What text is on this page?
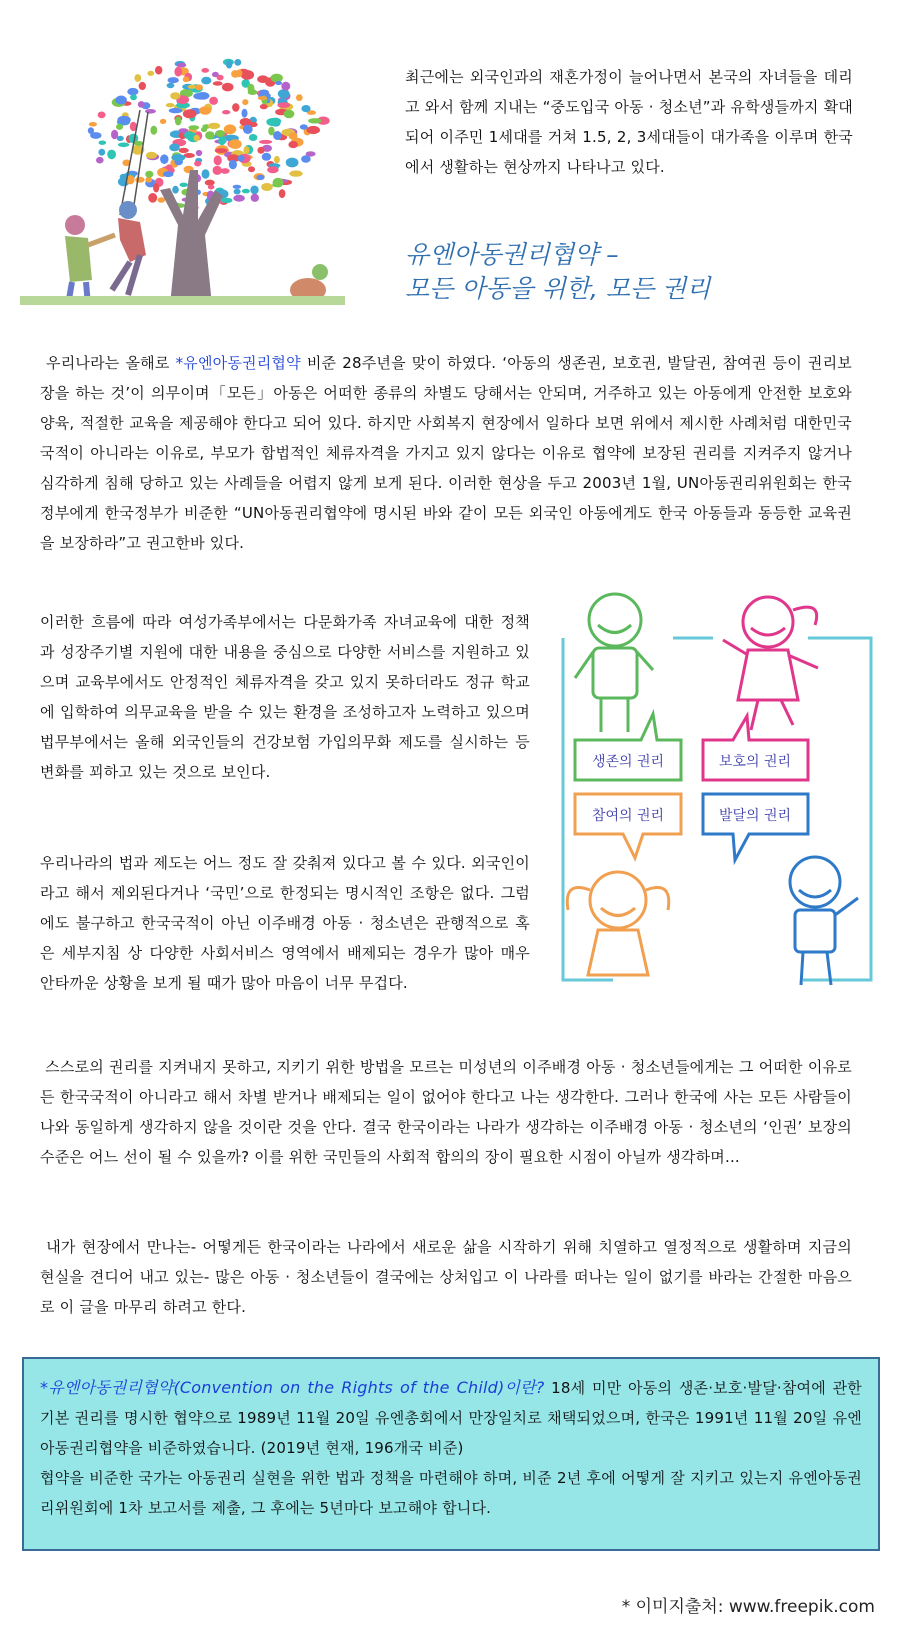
최근에는 외국인과의 재혼가정이 늘어나면서 본국의 자녀들을 데리고 와서 함께 지내는 “중도입국 아동 · 청소년”과 유학생들까지 확대되어 이주민 1세대를 거쳐 1.5, 2, 3세대들이 대가족을 이루며 한국에서 생활하는 현상까지 나타나고 있다.
유엔아동권리협약 –
모든 아동을 위한, 모든 권리
우리나라는 올해로 *유엔아동권리협약 비준 28주년을 맞이 하였다. ‘아동의 생존권, 보호권, 발달권, 참여권 등이 권리보장을 하는 것’이 의무이며「모든」아동은 어떠한 종류의 차별도 당해서는 안되며, 거주하고 있는 아동에게 안전한 보호와 양육, 적절한 교육을 제공해야 한다고 되어 있다. 하지만 사회복지 현장에서 일하다 보면 위에서 제시한 사례처럼 대한민국 국적이 아니라는 이유로, 부모가 합법적인 체류자격을 가지고 있지 않다는 이유로 협약에 보장된 권리를 지켜주지 않거나 심각하게 침해 당하고 있는 사례들을 어렵지 않게 보게 된다. 이러한 현상을 두고 2003년 1월, UN아동권리위원회는 한국정부에게 한국정부가 비준한 “UN아동권리협약에 명시된 바와 같이 모든 외국인 아동에게도 한국 아동들과 동등한 교육권을 보장하라”고 권고한바 있다.
이러한 흐름에 따라 여성가족부에서는 다문화가족 자녀교육에 대한 정책과 성장주기별 지원에 대한 내용을 중심으로 다양한 서비스를 지원하고 있으며 교육부에서도 안정적인 체류자격을 갖고 있지 못하더라도 정규 학교에 입학하여 의무교육을 받을 수 있는 환경을 조성하고자 노력하고 있으며 법무부에서는 올해 외국인들의 건강보험 가입의무화 제도를 실시하는 등 변화를 꾀하고 있는 것으로 보인다.
우리나라의 법과 제도는 어느 정도 잘 갖춰져 있다고 볼 수 있다. 외국인이라고 해서 제외된다거나 ‘국민’으로 한정되는 명시적인 조항은 없다. 그럼에도 불구하고 한국국적이 아닌 이주배경 아동 · 청소년은 관행적으로 혹은 세부지침 상 다양한 사회서비스 영역에서 배제되는 경우가 많아 매우 안타까운 상황을 보게 될 때가 많아 마음이 너무 무겁다.
생존의 권리	보호의 권리
참여의 권리	발달의 권리
스스로의 권리를 지켜내지 못하고, 지키기 위한 방법을 모르는 미성년의 이주배경 아동 · 청소년들에게는 그 어떠한 이유로든 한국국적이 아니라고 해서 차별 받거나 배제되는 일이 없어야 한다고 나는 생각한다. 그러나 한국에 사는 모든 사람들이 나와 동일하게 생각하지 않을 것이란 것을 안다. 결국 한국이라는 나라가 생각하는 이주배경 아동 · 청소년의 ‘인권’ 보장의 수준은 어느 선이 될 수 있을까? 이를 위한 국민들의 사회적 합의의 장이 필요한 시점이 아닐까 생각하며...
내가 현장에서 만나는- 어떻게든 한국이라는 나라에서 새로운 삶을 시작하기 위해 치열하고 열정적으로 생활하며 지금의 현실을 견디어 내고 있는- 많은 아동 · 청소년들이 결국에는 상처입고 이 나라를 떠나는 일이 없기를 바라는 간절한 마음으로 이 글을 마무리 하려고 한다.
*유엔아동권리협약(Convention on the Rights of the Child)이란? 18세 미만 아동의 생존·보호·발달·참여에 관한 기본 권리를 명시한 협약으로 1989년 11월 20일 유엔총회에서 만장일치로 채택되었으며, 한국은 1991년 11월 20일 유엔아동권리협약을 비준하였습니다. (2019년 현재, 196개국 비준)
협약을 비준한 국가는 아동권리 실현을 위한 법과 정책을 마련해야 하며, 비준 2년 후에 어떻게 잘 지키고 있는지 유엔아동권리위원회에 1차 보고서를 제출, 그 후에는 5년마다 보고해야 합니다.
* 이미지출처: www.freepik.com
